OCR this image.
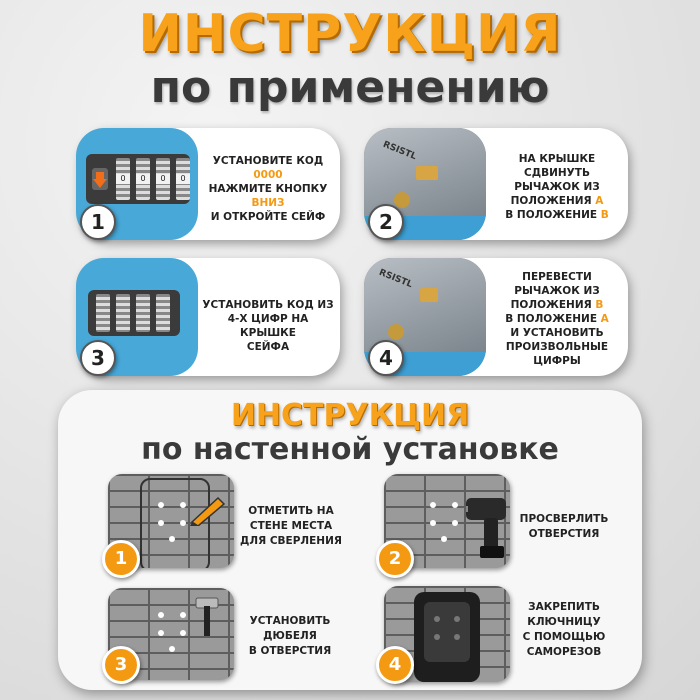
ИНСТРУКЦИЯ
по применению
0	0	0	0
1
УСТАНОВИТЕ КОД 0000
НАЖМИТЕ КНОПКУ
ВНИЗ
И ОТКРОЙТЕ СЕЙФ
RSISTL
2
НА КРЫШКЕ СДВИНУТЬ
РЫЧАЖОК ИЗ
ПОЛОЖЕНИЯ A
В ПОЛОЖЕНИЕ B
3
УСТАНОВИТЬ КОД ИЗ
4-Х ЦИФР НА КРЫШКЕ
СЕЙФА
RSISTL
4
ПЕРЕВЕСТИ РЫЧАЖОК ИЗ
ПОЛОЖЕНИЯ B
В ПОЛОЖЕНИЕ A
И УСТАНОВИТЬ
ПРОИЗВОЛЬНЫЕ
ЦИФРЫ
ИНСТРУКЦИЯ
по настенной установке
1
ОТМЕТИТЬ НА
СТЕНЕ МЕСТА
ДЛЯ СВЕРЛЕНИЯ
2
ПРОСВЕРЛИТЬ
ОТВЕРСТИЯ
3
УСТАНОВИТЬ
ДЮБЕЛЯ
В ОТВЕРСТИЯ
4
ЗАКРЕПИТЬ
КЛЮЧНИЦУ
С ПОМОЩЬЮ
САМОРЕЗОВ
